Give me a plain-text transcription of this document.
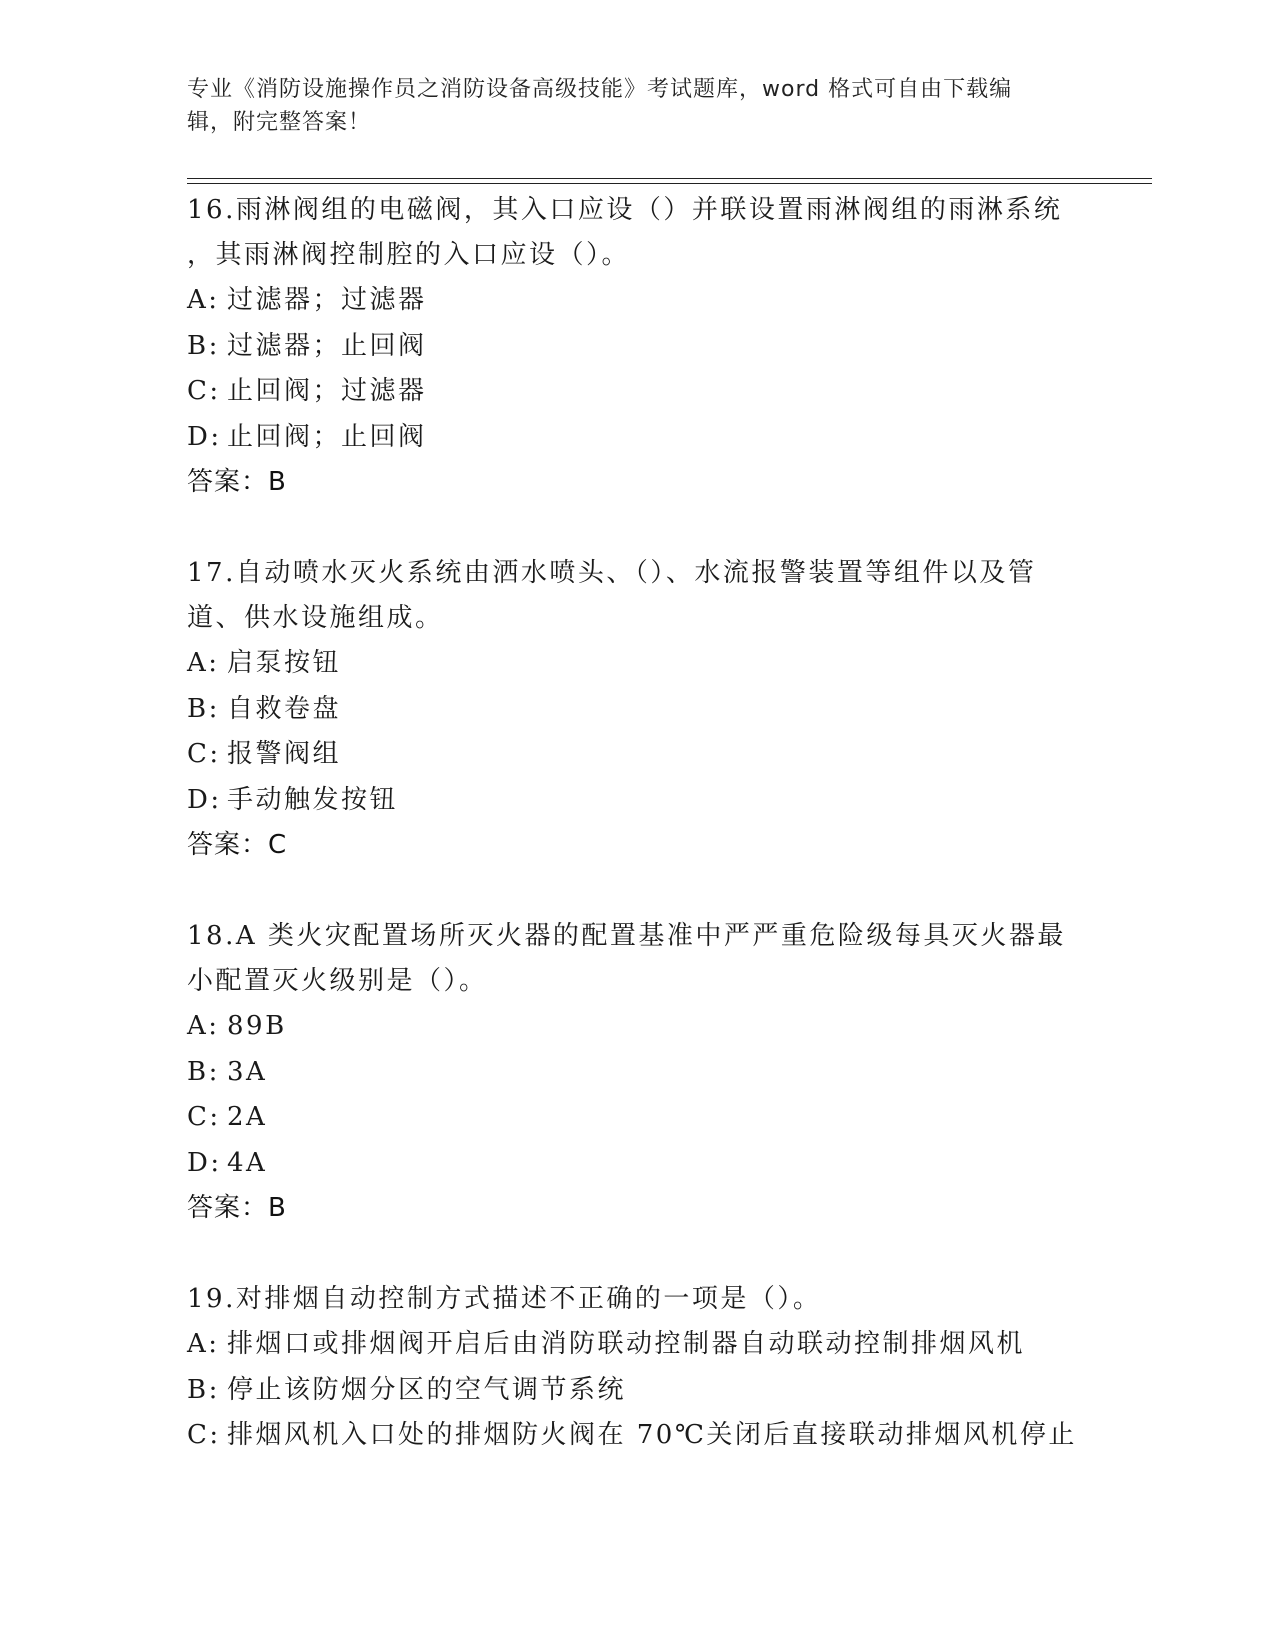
专业《消防设施操作员之消防设备高级技能》考试题库，word 格式可自由下载编
辑，附完整答案！
16.雨淋阀组的电磁阀，其入口应设（）并联设置雨淋阀组的雨淋系统
，其雨淋阀控制腔的入口应设（）。
A: 过滤器；过滤器
B: 过滤器；止回阀
C: 止回阀；过滤器
D: 止回阀；止回阀
答案：B
17.自动喷水灭火系统由洒水喷头、（）、水流报警装置等组件以及管
道、供水设施组成。
A: 启泵按钮
B: 自救卷盘
C: 报警阀组
D: 手动触发按钮
答案：C
18.A 类火灾配置场所灭火器的配置基准中严严重危险级每具灭火器最
小配置灭火级别是（）。
A: 89B
B: 3A
C: 2A
D: 4A
答案：B
19.对排烟自动控制方式描述不正确的一项是（）。
A: 排烟口或排烟阀开启后由消防联动控制器自动联动控制排烟风机
B: 停止该防烟分区的空气调节系统
C: 排烟风机入口处的排烟防火阀在 70℃关闭后直接联动排烟风机停止
